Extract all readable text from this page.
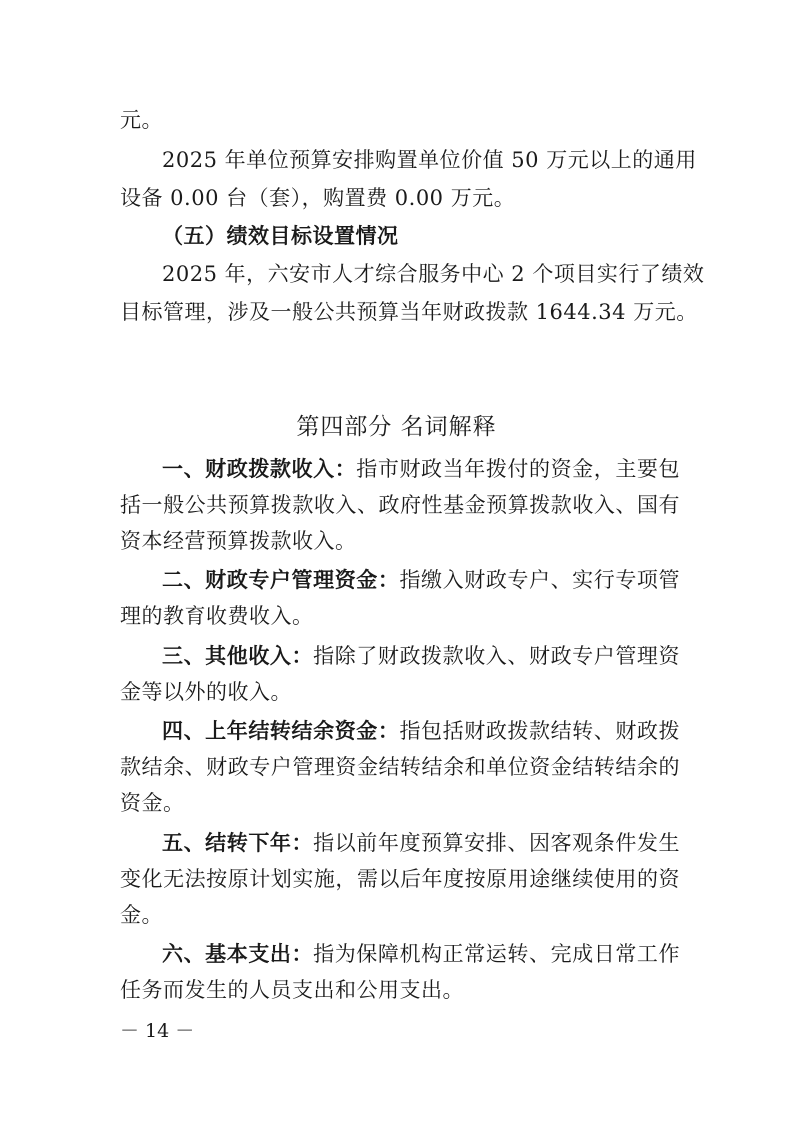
元。
2025 年单位预算安排购置单位价值 50 万元以上的通用
设备 0.00 台（套），购置费 0.00 万元。
（五）绩效目标设置情况
2025 年，六安市人才综合服务中心 2 个项目实行了绩效
目标管理，涉及一般公共预算当年财政拨款 1644.34 万元。
第四部分 名词解释
一、财政拨款收入：指市财政当年拨付的资金，主要包
括一般公共预算拨款收入、政府性基金预算拨款收入、国有
资本经营预算拨款收入。
二、财政专户管理资金：指缴入财政专户、实行专项管
理的教育收费收入。
三、其他收入：指除了财政拨款收入、财政专户管理资
金等以外的收入。
四、上年结转结余资金：指包括财政拨款结转、财政拨
款结余、财政专户管理资金结转结余和单位资金结转结余的
资金。
五、结转下年：指以前年度预算安排、因客观条件发生
变化无法按原计划实施，需以后年度按原用途继续使用的资
金。
六、基本支出：指为保障机构正常运转、完成日常工作
任务而发生的人员支出和公用支出。
－ 14 －
